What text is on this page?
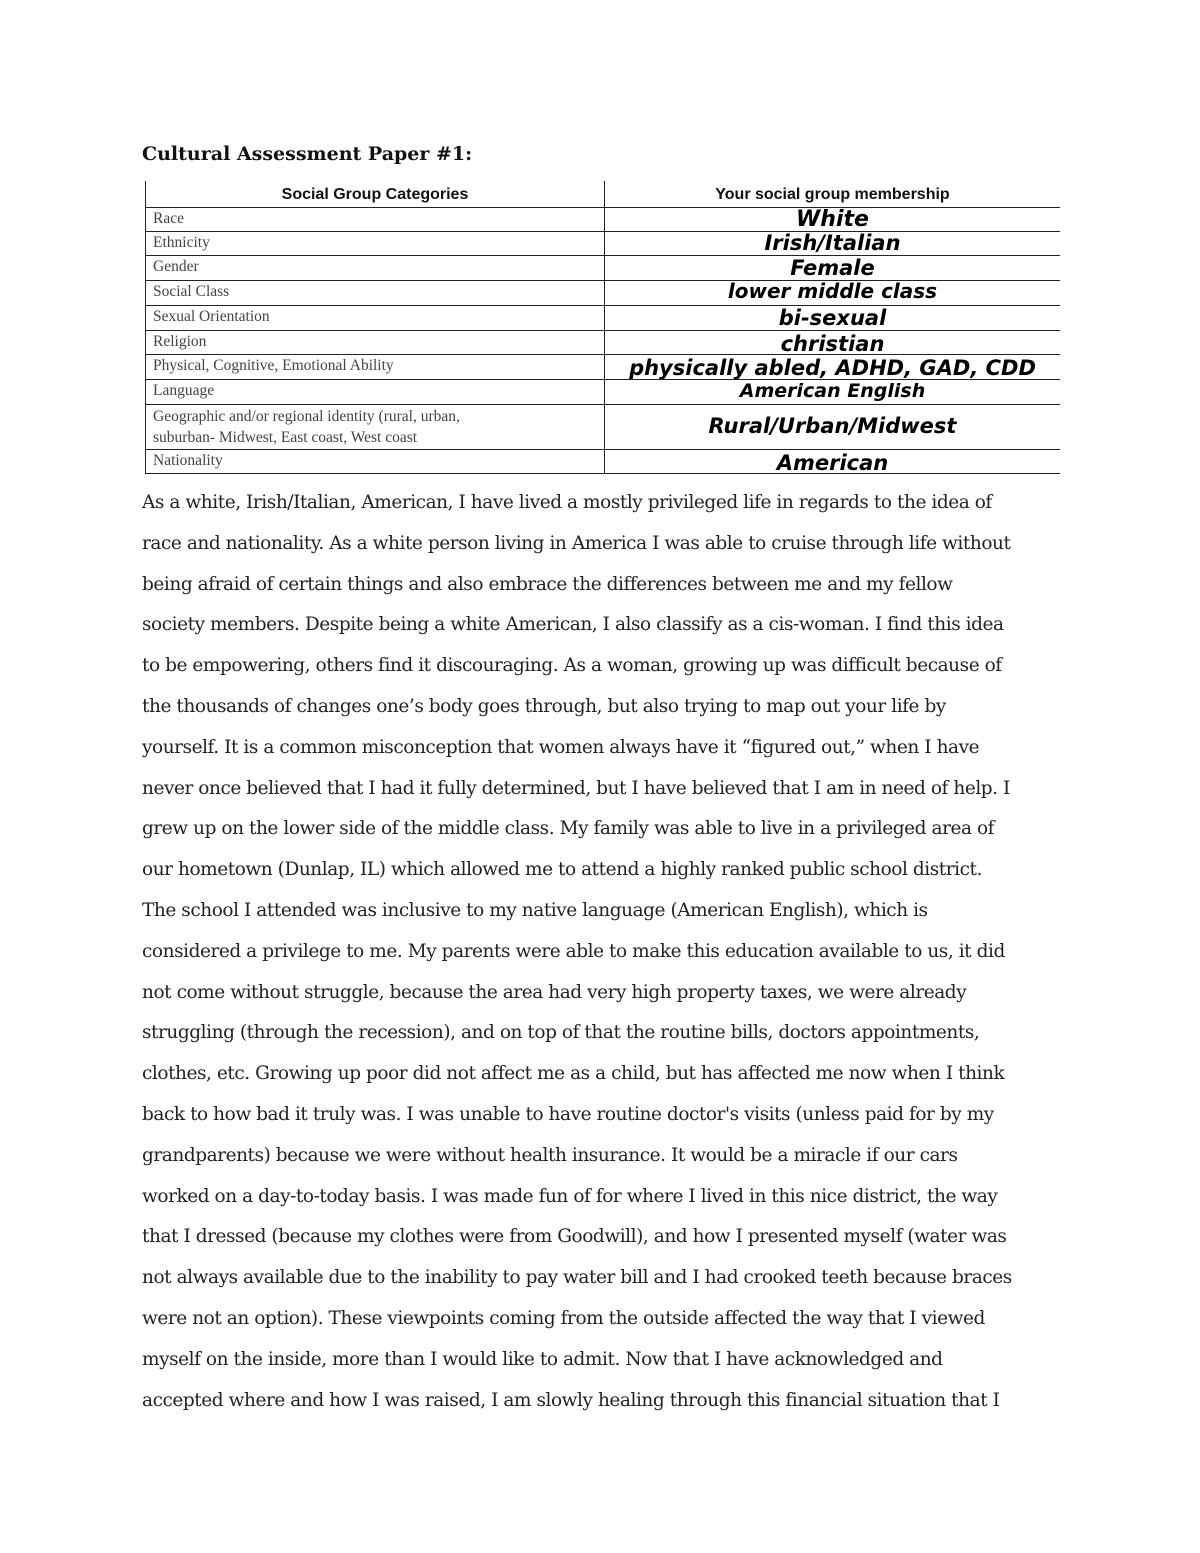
Cultural Assessment Paper #1:
Social Group Categories	Your social group membership
Race	White
Ethnicity	Irish/Italian
Gender	Female
Social Class	lower middle class
Sexual Orientation	bi-sexual
Religion	christian
Physical, Cognitive, Emotional Ability	physically abled, ADHD, GAD, CDD
Language	American English
Geographic and/or regional identity (rural, urban,
suburban- Midwest, East coast, West coast	Rural/Urban/Midwest
Nationality	American
As a white, Irish/Italian, American, I have lived a mostly privileged life in regards to the idea of
race and nationality. As a white person living in America I was able to cruise through life without
being afraid of certain things and also embrace the differences between me and my fellow
society members. Despite being a white American, I also classify as a cis-woman. I find this idea
to be empowering, others find it discouraging. As a woman, growing up was difficult because of
the thousands of changes one’s body goes through, but also trying to map out your life by
yourself. It is a common misconception that women always have it “figured out,” when I have
never once believed that I had it fully determined, but I have believed that I am in need of help. I
grew up on the lower side of the middle class. My family was able to live in a privileged area of
our hometown (Dunlap, IL) which allowed me to attend a highly ranked public school district.
The school I attended was inclusive to my native language (American English), which is
considered a privilege to me. My parents were able to make this education available to us, it did
not come without struggle, because the area had very high property taxes, we were already
struggling (through the recession), and on top of that the routine bills, doctors appointments,
clothes, etc. Growing up poor did not affect me as a child, but has affected me now when I think
back to how bad it truly was. I was unable to have routine doctor's visits (unless paid for by my
grandparents) because we were without health insurance. It would be a miracle if our cars
worked on a day-to-today basis. I was made fun of for where I lived in this nice district, the way
that I dressed (because my clothes were from Goodwill), and how I presented myself (water was
not always available due to the inability to pay water bill and I had crooked teeth because braces
were not an option). These viewpoints coming from the outside affected the way that I viewed
myself on the inside, more than I would like to admit. Now that I have acknowledged and
accepted where and how I was raised, I am slowly healing through this financial situation that I
